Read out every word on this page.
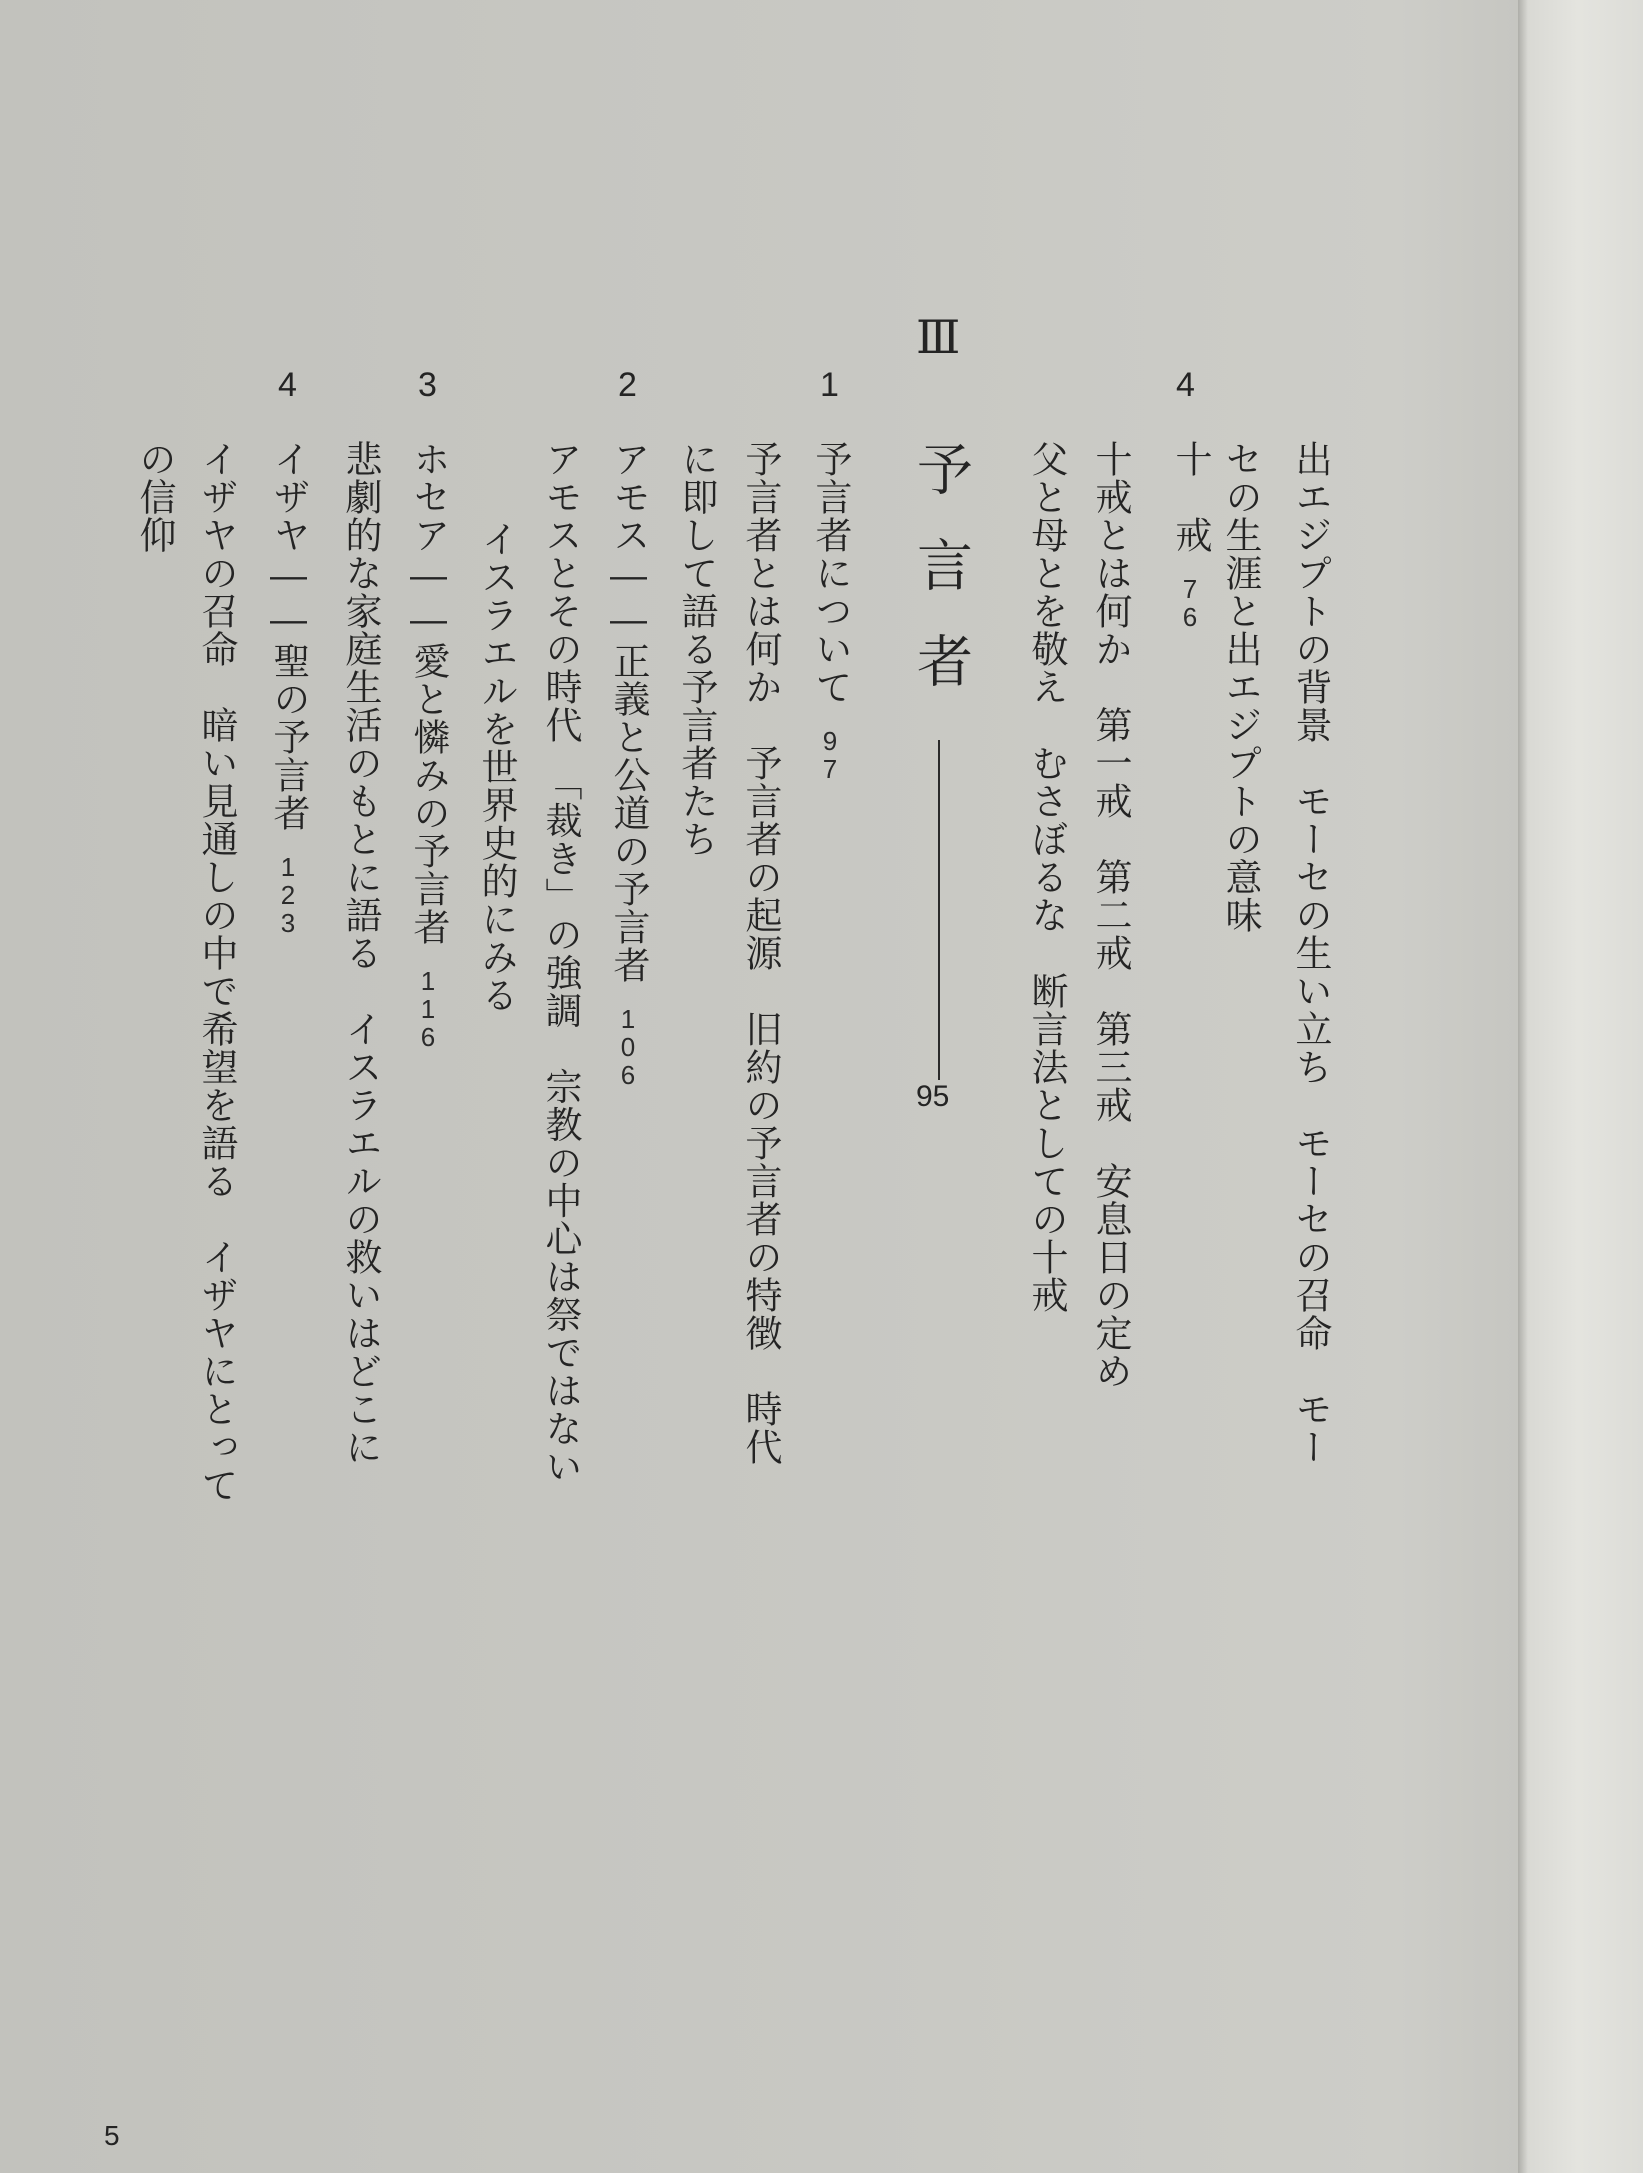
出エジプトの背景　モーセの生い立ち　モーセの召命　モー
セの生涯と出エジプトの意味
4
十　戒76
十戒とは何か　第一戒　第二戒　第三戒　安息日の定め
父と母とを敬え　むさぼるな　断言法としての十戒
Ⅲ
予言者
95
1
予言者について97
予言者とは何か　予言者の起源　旧約の予言者の特徴　時代
に即して語る予言者たち
2
アモス――正義と公道の予言者106
アモスとその時代　「裁き」の強調　宗教の中心は祭ではない
イスラエルを世界史的にみる
3
ホセア――愛と憐みの予言者116
悲劇的な家庭生活のもとに語る　イスラエルの救いはどこに
4
イザヤ――聖の予言者123
イザヤの召命　暗い見通しの中で希望を語る　イザヤにとって
の信仰
5
